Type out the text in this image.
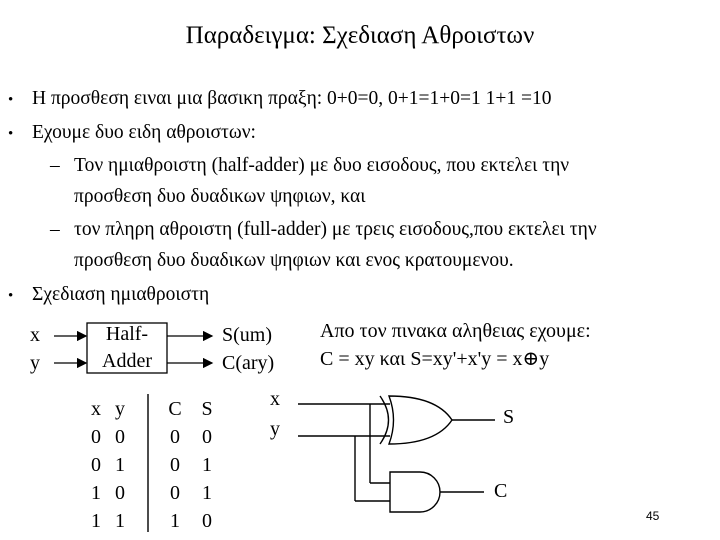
Παραδειγμα: Σχεδιαση Αθροιστων
• Η προσθεση ειναι μια βασικη πραξη: 0+0=0, 0+1=1+0=1 1+1 =10
• Εχουμε δυο ειδη αθροιστων:
– Τον ημιαθροιστη (half-adder) με δυο εισοδους, που εκτελει την
προσθεση δυο δυαδικων ψηφιων, και
– τον πληρη αθροιστη (full-adder) με τρεις εισοδους,που εκτελει την
προσθεση δυο δυαδικων ψηφιων και ενος κρατουμενου.
• Σχεδιαση ημιαθροιστη
x
y
Half-
Adder
S(um)
C(ary)
Απο τον πινακα αληθειας εχουμε:
C = xy και S=xy'+x'y = x⊕y
x y	C S
0 0	0	0
0 1	0	1
1 0	0	1
1 1	1	0
x
y
S
C
45
